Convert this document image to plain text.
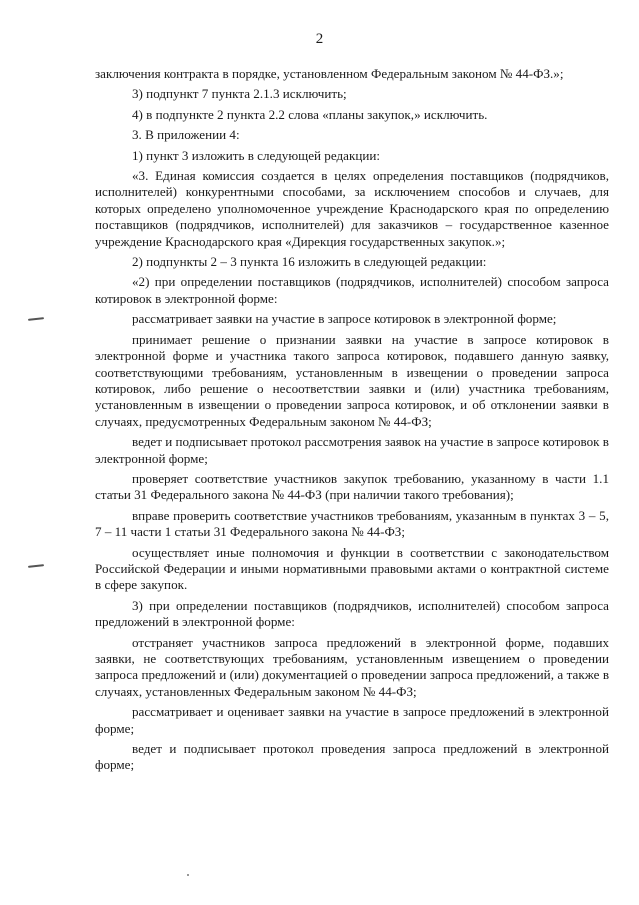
2

заключения контракта в порядке, установленном Федеральным законом № 44-ФЗ.»;

3) подпункт 7 пункта 2.1.3 исключить;

4) в подпункте 2 пункта 2.2 слова «планы закупок,» исключить.

3. В приложении 4:

1) пункт 3 изложить в следующей редакции:

«3. Единая комиссия создается в целях определения поставщиков (подрядчиков, исполнителей) конкурентными способами, за исключением способов и случаев, для которых определено уполномоченное учреждение Краснодарского края по определению поставщиков (подрядчиков, исполнителей) для заказчиков – государственное казенное учреждение Краснодарского края «Дирекция государственных закупок.»;

2) подпункты 2 – 3 пункта 16 изложить в следующей редакции:

«2) при определении поставщиков (подрядчиков, исполнителей) способом запроса котировок в электронной форме:

рассматривает заявки на участие в запросе котировок в электронной форме;

принимает решение о признании заявки на участие в запросе котировок в электронной форме и участника такого запроса котировок, подавшего данную заявку, соответствующими требованиям, установленным в извещении о проведении запроса котировок, либо решение о несоответствии заявки и (или) участника требованиям, установленным в извещении о проведении запроса котировок, и об отклонении заявки в случаях, предусмотренных Федеральным законом № 44-ФЗ;

ведет и подписывает протокол рассмотрения заявок на участие в запросе котировок в электронной форме;

проверяет соответствие участников закупок требованию, указанному в части 1.1 статьи 31 Федерального закона № 44-ФЗ (при наличии такого требования);

вправе проверить соответствие участников требованиям, указанным в пунктах 3 – 5, 7 – 11 части 1 статьи 31 Федерального закона № 44-ФЗ;

осуществляет иные полномочия и функции в соответствии с законодательством Российской Федерации и иными нормативными правовыми актами о контрактной системе в сфере закупок.

3) при определении поставщиков (подрядчиков, исполнителей) способом запроса предложений в электронной форме:

отстраняет участников запроса предложений в электронной форме, подавших заявки, не соответствующих требованиям, установленным извещением о проведении запроса предложений и (или) документацией о проведении запроса предложений, а также в случаях, установленных Федеральным законом № 44-ФЗ;

рассматривает и оценивает заявки на участие в запросе предложений в электронной форме;

ведет и подписывает протокол проведения запроса предложений в электронной форме;
